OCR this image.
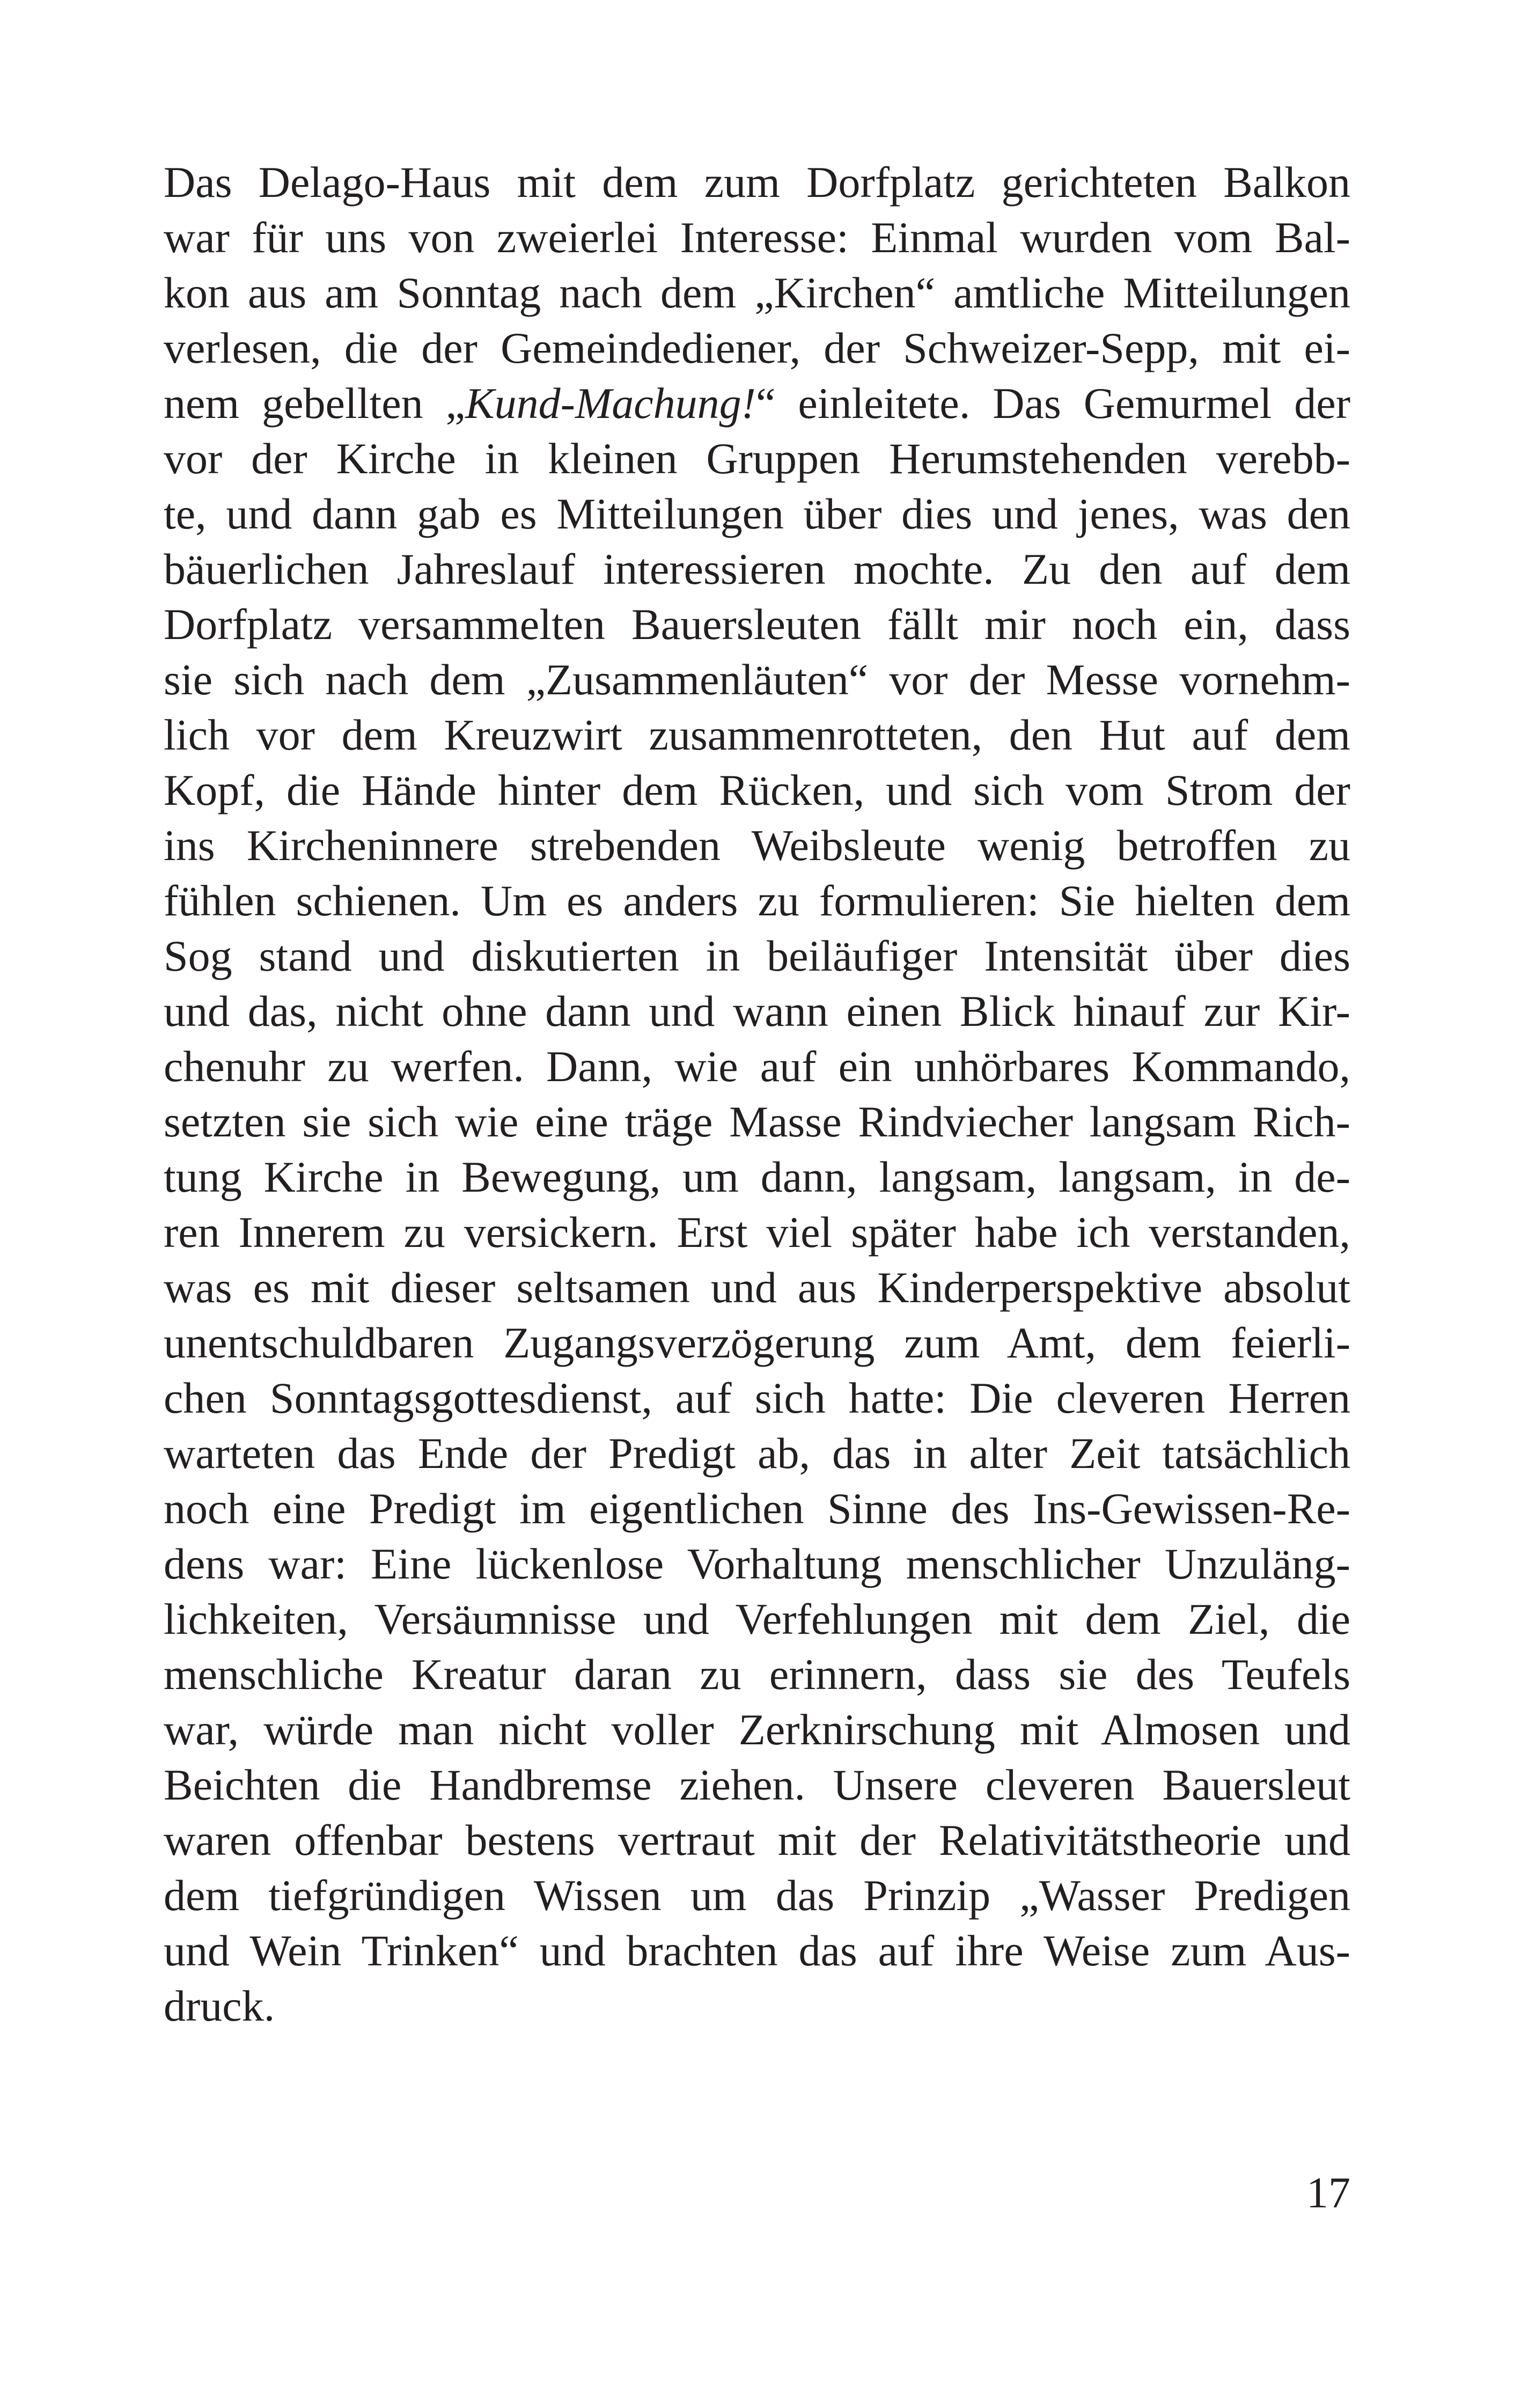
Das Delago-Haus mit dem zum Dorfplatz gerichteten Balkon
war für uns von zweierlei Interesse: Einmal wurden vom Bal-
kon aus am Sonntag nach dem „Kirchen“ amtliche Mitteilungen
verlesen, die der Gemeindediener, der Schweizer-Sepp, mit ei-
nem gebellten „Kund-Machung!“ einleitete. Das Gemurmel der
vor der Kirche in kleinen Gruppen Herumstehenden verebb-
te, und dann gab es Mitteilungen über dies und jenes, was den
bäuerlichen Jahreslauf interessieren mochte. Zu den auf dem
Dorfplatz versammelten Bauersleuten fällt mir noch ein, dass
sie sich nach dem „Zusammenläuten“ vor der Messe vornehm-
lich vor dem Kreuzwirt zusammenrotteten, den Hut auf dem
Kopf, die Hände hinter dem Rücken, und sich vom Strom der
ins Kircheninnere strebenden Weibsleute wenig betroffen zu
fühlen schienen. Um es anders zu formulieren: Sie hielten dem
Sog stand und diskutierten in beiläufiger Intensität über dies
und das, nicht ohne dann und wann einen Blick hinauf zur Kir-
chenuhr zu werfen. Dann, wie auf ein unhörbares Kommando,
setzten sie sich wie eine träge Masse Rindviecher langsam Rich-
tung Kirche in Bewegung, um dann, langsam, langsam, in de-
ren Innerem zu versickern. Erst viel später habe ich verstanden,
was es mit dieser seltsamen und aus Kinderperspektive absolut
unentschuldbaren Zugangsverzögerung zum Amt, dem feierli-
chen Sonntagsgottesdienst, auf sich hatte: Die cleveren Herren
warteten das Ende der Predigt ab, das in alter Zeit tatsächlich
noch eine Predigt im eigentlichen Sinne des Ins-Gewissen-Re-
dens war: Eine lückenlose Vorhaltung menschlicher Unzuläng-
lichkeiten, Versäumnisse und Verfehlungen mit dem Ziel, die
menschliche Kreatur daran zu erinnern, dass sie des Teufels
war, würde man nicht voller Zerknirschung mit Almosen und
Beichten die Handbremse ziehen. Unsere cleveren Bauersleut
waren offenbar bestens vertraut mit der Relativitätstheorie und
dem tiefgründigen Wissen um das Prinzip „Wasser Predigen
und Wein Trinken“ und brachten das auf ihre Weise zum Aus-
druck.
17
